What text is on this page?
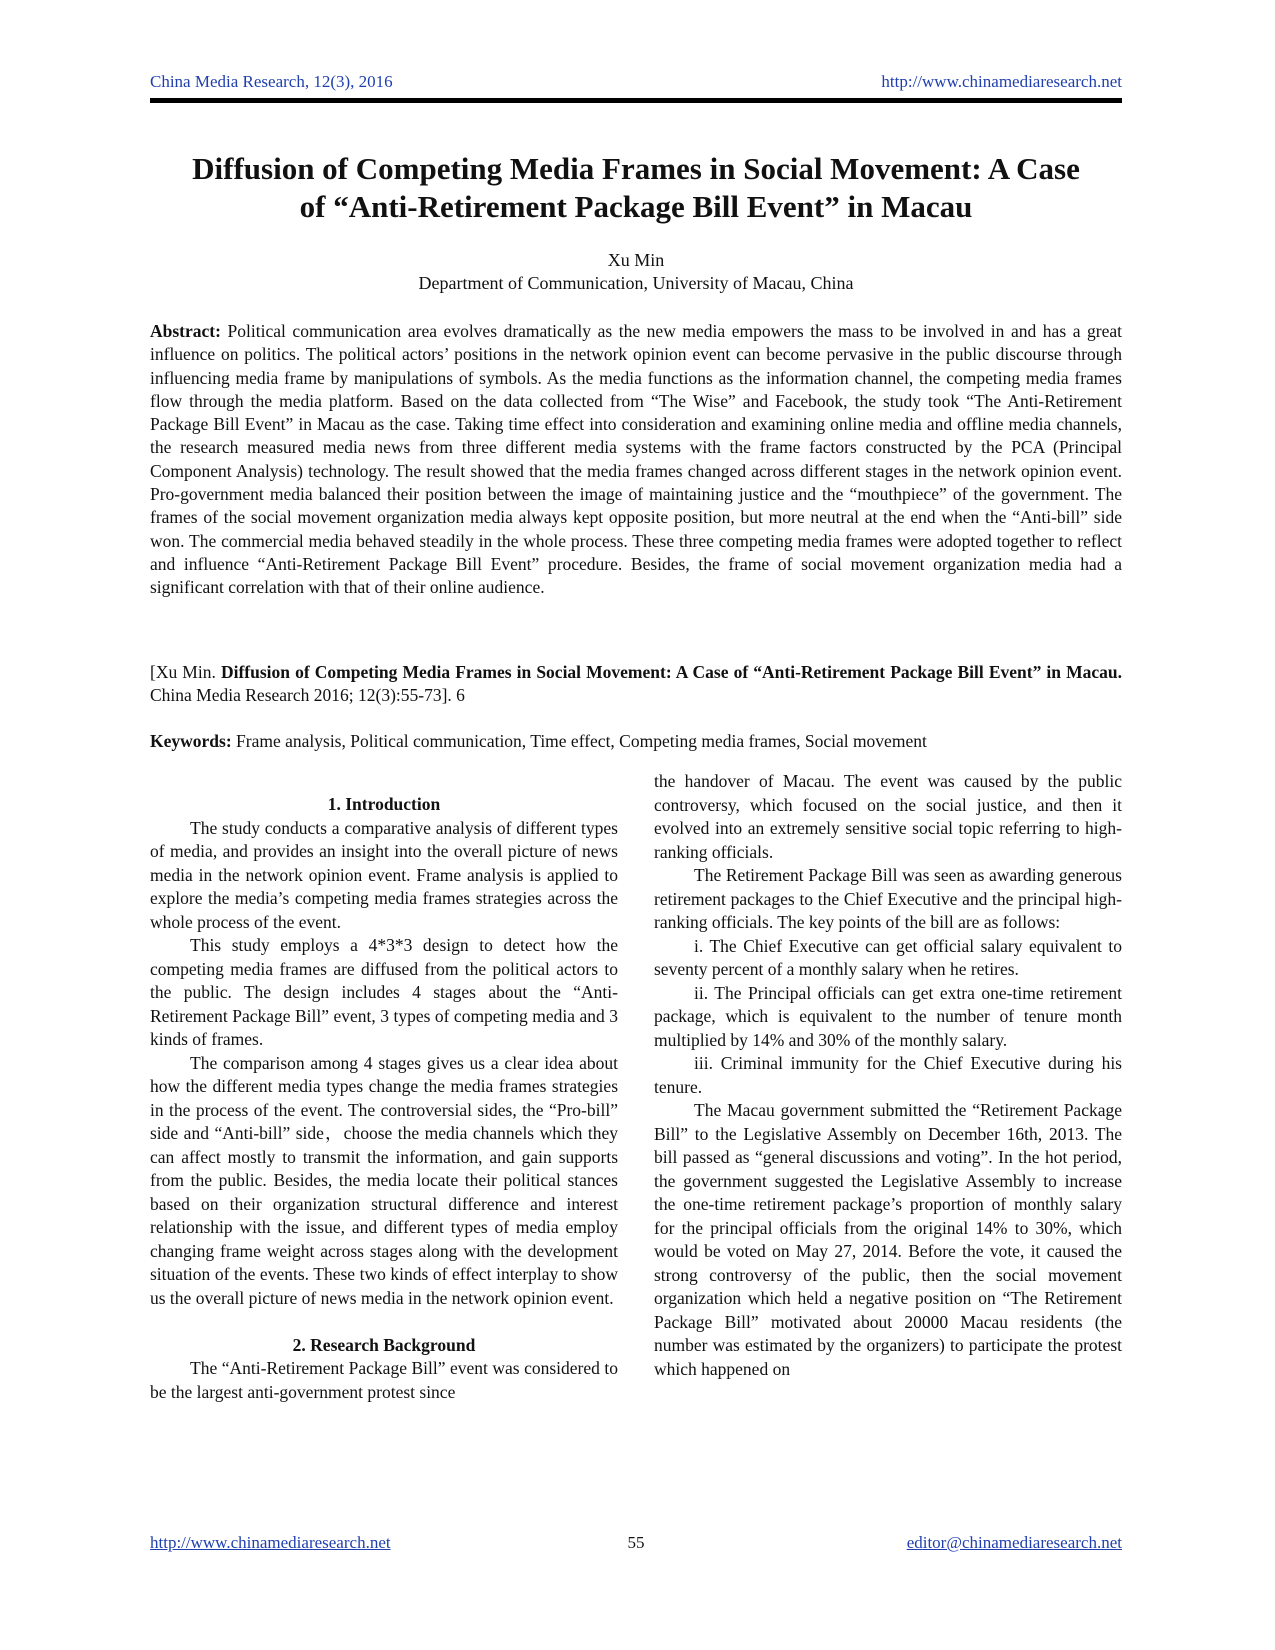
China Media Research, 12(3), 2016	http://www.chinamediaresearch.net
Diffusion of Competing Media Frames in Social Movement: A Case
of “Anti-Retirement Package Bill Event” in Macau
Xu Min
Department of Communication, University of Macau, China

Abstract: Political communication area evolves dramatically as the new media empowers the mass to be involved in and has a great influence on politics. The political actors’ positions in the network opinion event can become pervasive in the public discourse through influencing media frame by manipulations of symbols. As the media functions as the information channel, the competing media frames flow through the media platform. Based on the data collected from “The Wise” and Facebook, the study took “The Anti-Retirement Package Bill Event” in Macau as the case. Taking time effect into consideration and examining online media and offline media channels, the research measured media news from three different media systems with the frame factors constructed by the PCA (Principal Component Analysis) technology. The result showed that the media frames changed across different stages in the network opinion event. Pro-government media balanced their position between the image of maintaining justice and the “mouthpiece” of the government. The frames of the social movement organization media always kept opposite position, but more neutral at the end when the “Anti-bill” side won. The commercial media behaved steadily in the whole process. These three competing media frames were adopted together to reflect and influence “Anti-Retirement Package Bill Event” procedure. Besides, the frame of social movement organization media had a significant correlation with that of their online audience.

[Xu Min. Diffusion of Competing Media Frames in Social Movement: A Case of “Anti-Retirement Package Bill Event” in Macau. China Media Research 2016; 12(3):55-73]. 6

Keywords: Frame analysis, Political communication, Time effect, Competing media frames, Social movement

1. Introduction

The study conducts a comparative analysis of different types of media, and provides an insight into the overall picture of news media in the network opinion event. Frame analysis is applied to explore the media’s competing media frames strategies across the whole process of the event.

This study employs a 4*3*3 design to detect how the competing media frames are diffused from the political actors to the public. The design includes 4 stages about the “Anti-Retirement Package Bill” event, 3 types of competing media and 3 kinds of frames.

The comparison among 4 stages gives us a clear idea about how the different media types change the media frames strategies in the process of the event. The controversial sides, the “Pro-bill” side and “Anti-bill” side，choose the media channels which they can affect mostly to transmit the information, and gain supports from the public. Besides, the media locate their political stances based on their organization structural difference and interest relationship with the issue, and different types of media employ changing frame weight across stages along with the development situation of the events. These two kinds of effect interplay to show us the overall picture of news media in the network opinion event.

2. Research Background

The “Anti-Retirement Package Bill” event was considered to be the largest anti-government protest since

the handover of Macau. The event was caused by the public controversy, which focused on the social justice, and then it evolved into an extremely sensitive social topic referring to high-ranking officials.

The Retirement Package Bill was seen as awarding generous retirement packages to the Chief Executive and the principal high-ranking officials. The key points of the bill are as follows:

i. The Chief Executive can get official salary equivalent to seventy percent of a monthly salary when he retires.

ii. The Principal officials can get extra one-time retirement package, which is equivalent to the number of tenure month multiplied by 14% and 30% of the monthly salary.

iii. Criminal immunity for the Chief Executive during his tenure.

The Macau government submitted the “Retirement Package Bill” to the Legislative Assembly on December 16th, 2013. The bill passed as “general discussions and voting”. In the hot period, the government suggested the Legislative Assembly to increase the one-time retirement package’s proportion of monthly salary for the principal officials from the original 14% to 30%, which would be voted on May 27, 2014. Before the vote, it caused the strong controversy of the public, then the social movement organization which held a negative position on “The Retirement Package Bill” motivated about 20000 Macau residents (the number was estimated by the organizers) to participate the protest which happened on

http://www.chinamediaresearch.net	55	editor@chinamediaresearch.net
